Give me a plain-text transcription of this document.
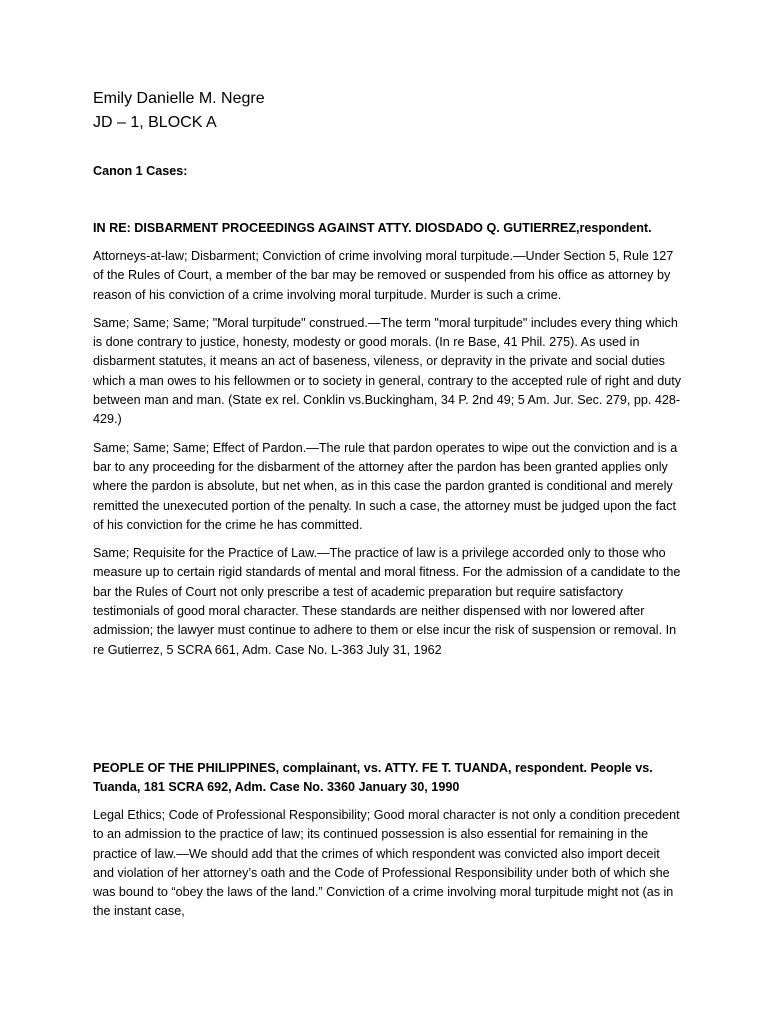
Emily Danielle M. Negre
JD – 1, BLOCK A
Canon 1 Cases:
IN RE: DISBARMENT PROCEEDINGS AGAINST ATTY. DIOSDADO Q. GUTIERREZ,respondent.

Attorneys-at-law; Disbarment; Conviction of crime involving moral turpitude.—Under Section 5, Rule 127 of the Rules of Court, a member of the bar may be removed or suspended from his office as attorney by reason of his conviction of a crime involving moral turpitude. Murder is such a crime.

Same; Same; Same; "Moral turpitude" construed.—The term "moral turpitude" includes every thing which is done contrary to justice, honesty, modesty or good morals. (In re Base, 41 Phil. 275). As used in disbarment statutes, it means an act of baseness, vileness, or depravity in the private and social duties which a man owes to his fellowmen or to society in general, contrary to the accepted rule of right and duty between man and man. (State ex rel. Conklin vs.Buckingham, 34 P. 2nd 49; 5 Am. Jur. Sec. 279, pp. 428-429.)

Same; Same; Same; Effect of Pardon.—The rule that pardon operates to wipe out the conviction and is a bar to any proceeding for the disbarment of the attorney after the pardon has been granted applies only where the pardon is absolute, but net when, as in this case the pardon granted is conditional and merely remitted the unexecuted portion of the penalty. In such a case, the attorney must be judged upon the fact of his conviction for the crime he has committed.

Same; Requisite for the Practice of Law.—The practice of law is a privilege accorded only to those who measure up to certain rigid standards of mental and moral fitness. For the admission of a candidate to the bar the Rules of Court not only prescribe a test of academic preparation but require satisfactory testimonials of good moral character. These standards are neither dispensed with nor lowered after admission; the lawyer must continue to adhere to them or else incur the risk of suspension or removal. In re Gutierrez, 5 SCRA 661, Adm. Case No. L-363 July 31, 1962

PEOPLE OF THE PHILIPPINES, complainant, vs. ATTY. FE T. TUANDA, respondent. People vs. Tuanda, 181 SCRA 692, Adm. Case No. 3360 January 30, 1990

Legal Ethics; Code of Professional Responsibility; Good moral character is not only a condition precedent to an admission to the practice of law; its continued possession is also essential for remaining in the practice of law.—We should add that the crimes of which respondent was convicted also import deceit and violation of her attorney’s oath and the Code of Professional Responsibility under both of which she was bound to “obey the laws of the land.” Conviction of a crime involving moral turpitude might not (as in the instant case,
